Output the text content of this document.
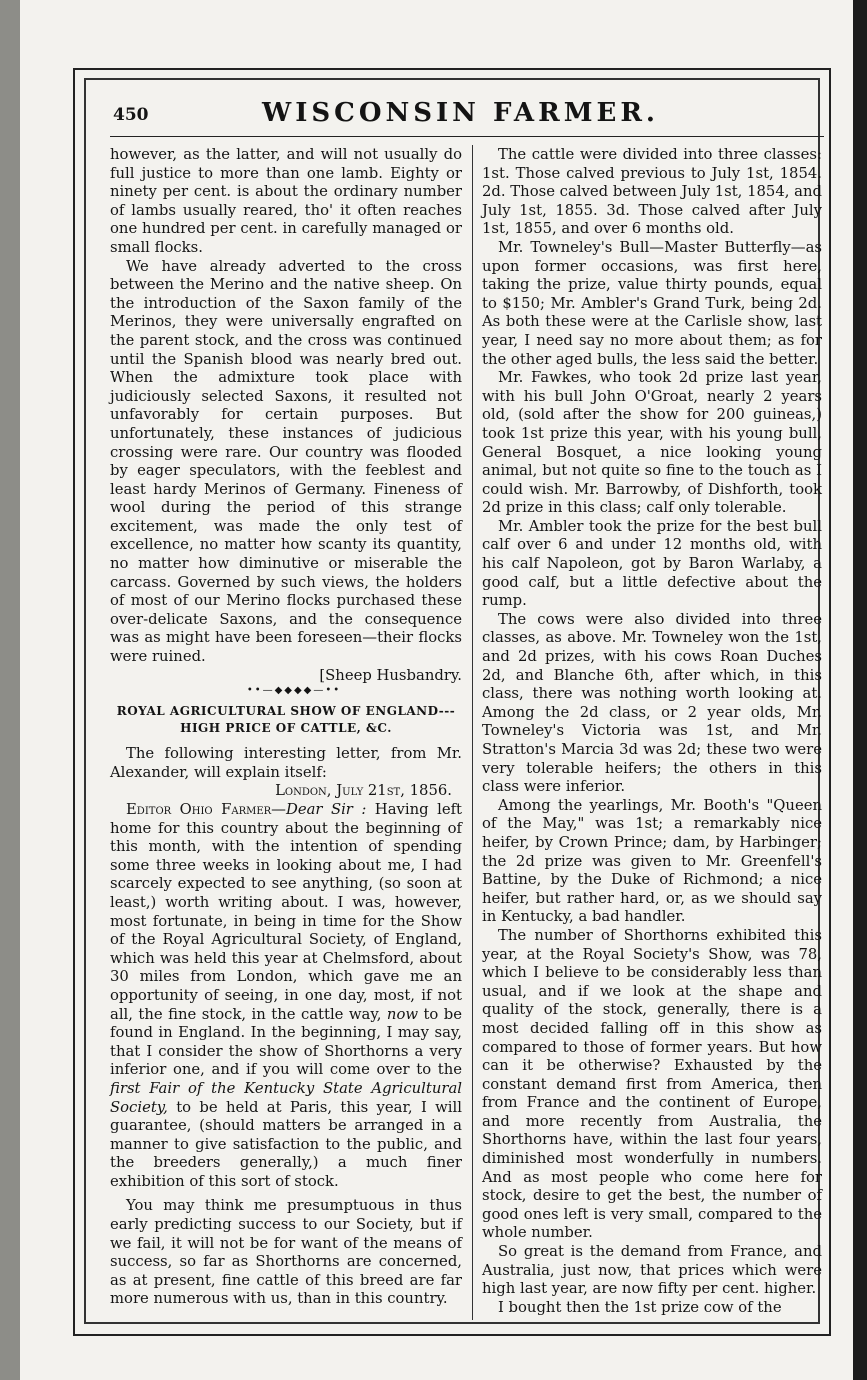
450	WISCONSIN FARMER.

however, as the latter, and will not usually do full justice to more than one lamb. Eighty or ninety per cent. is about the ordinary number of lambs usually reared, tho' it often reaches one hundred per cent. in carefully managed or small flocks.

We have already adverted to the cross between the Merino and the native sheep. On the introduction of the Saxon family of the Merinos, they were universally engrafted on the parent stock, and the cross was continued until the Spanish blood was nearly bred out. When the admixture took place with judiciously selected Saxons, it resulted not unfavorably for certain purposes. But unfortunately, these instances of judicious crossing were rare. Our country was flooded by eager speculators, with the feeblest and least hardy Merinos of Germany. Fineness of wool during the period of this strange excitement, was made the only test of excellence, no matter how scanty its quantity, no matter how diminutive or miserable the carcass. Governed by such views, the holders of most of our Merino flocks purchased these over-delicate Saxons, and the consequence was as might have been foreseen—their flocks were ruined.

[Sheep Husbandry.

••—◆◆◆◆—••

ROYAL AGRICULTURAL SHOW OF ENGLAND---HIGH PRICE OF CATTLE, &C.

The following interesting letter, from Mr. Alexander, will explain itself:

London, July 21st, 1856.

Editor Ohio Farmer—Dear Sir : Having left home for this country about the beginning of this month, with the intention of spending some three weeks in looking about me, I had scarcely expected to see anything, (so soon at least,) worth writing about. I was, however, most fortunate, in being in time for the Show of the Royal Agricultural Society, of England, which was held this year at Chelmsford, about 30 miles from London, which gave me an opportunity of seeing, in one day, most, if not all, the fine stock, in the cattle way, now to be found in England. In the beginning, I may say, that I consider the show of Shorthorns a very inferior one, and if you will come over to the first Fair of the Kentucky State Agricultural Society, to be held at Paris, this year, I will guarantee, (should matters be arranged in a manner to give satisfaction to the public, and the breeders generally,) a much finer exhibition of this sort of stock.

You may think me presumptuous in thus early predicting success to our Society, but if we fail, it will not be for want of the means of success, so far as Shorthorns are concerned, as at present, fine cattle of this breed are far more numerous with us, than in this country.

The cattle were divided into three classes: 1st. Those calved previous to July 1st, 1854. 2d. Those calved between July 1st, 1854, and July 1st, 1855. 3d. Those calved after July 1st, 1855, and over 6 months old.

Mr. Towneley's Bull—Master Butterfly—as upon former occasions, was first here, taking the prize, value thirty pounds, equal to $150; Mr. Ambler's Grand Turk, being 2d. As both these were at the Carlisle show, last year, I need say no more about them; as for the other aged bulls, the less said the better.

Mr. Fawkes, who took 2d prize last year, with his bull John O'Groat, nearly 2 years old, (sold after the show for 200 guineas,) took 1st prize this year, with his young bull, General Bosquet, a nice looking young animal, but not quite so fine to the touch as I could wish. Mr. Barrowby, of Dishforth, took 2d prize in this class; calf only tolerable.

Mr. Ambler took the prize for the best bull calf over 6 and under 12 months old, with his calf Napoleon, got by Baron Warlaby, a good calf, but a little defective about the rump.

The cows were also divided into three classes, as above. Mr. Towneley won the 1st, and 2d prizes, with his cows Roan Duches 2d, and Blanche 6th, after which, in this class, there was nothing worth looking at. Among the 2d class, or 2 year olds, Mr. Towneley's Victoria was 1st, and Mr. Stratton's Marcia 3d was 2d; these two were very tolerable heifers; the others in this class were inferior.

Among the yearlings, Mr. Booth's "Queen of the May," was 1st; a remarkably nice heifer, by Crown Prince; dam, by Harbinger; the 2d prize was given to Mr. Greenfell's Battine, by the Duke of Richmond; a nice heifer, but rather hard, or, as we should say in Kentucky, a bad handler.

The number of Shorthorns exhibited this year, at the Royal Society's Show, was 78, which I believe to be considerably less than usual, and if we look at the shape and quality of the stock, generally, there is a most decided falling off in this show as compared to those of former years. But how can it be otherwise? Exhausted by the constant demand first from America, then from France and the continent of Europe, and more recently from Australia, the Shorthorns have, within the last four years, diminished most wonderfully in numbers. And as most people who come here for stock, desire to get the best, the number of good ones left is very small, compared to the whole number.

So great is the demand from France, and Australia, just now, that prices which were high last year, are now fifty per cent. higher.

I bought then the 1st prize cow of the
